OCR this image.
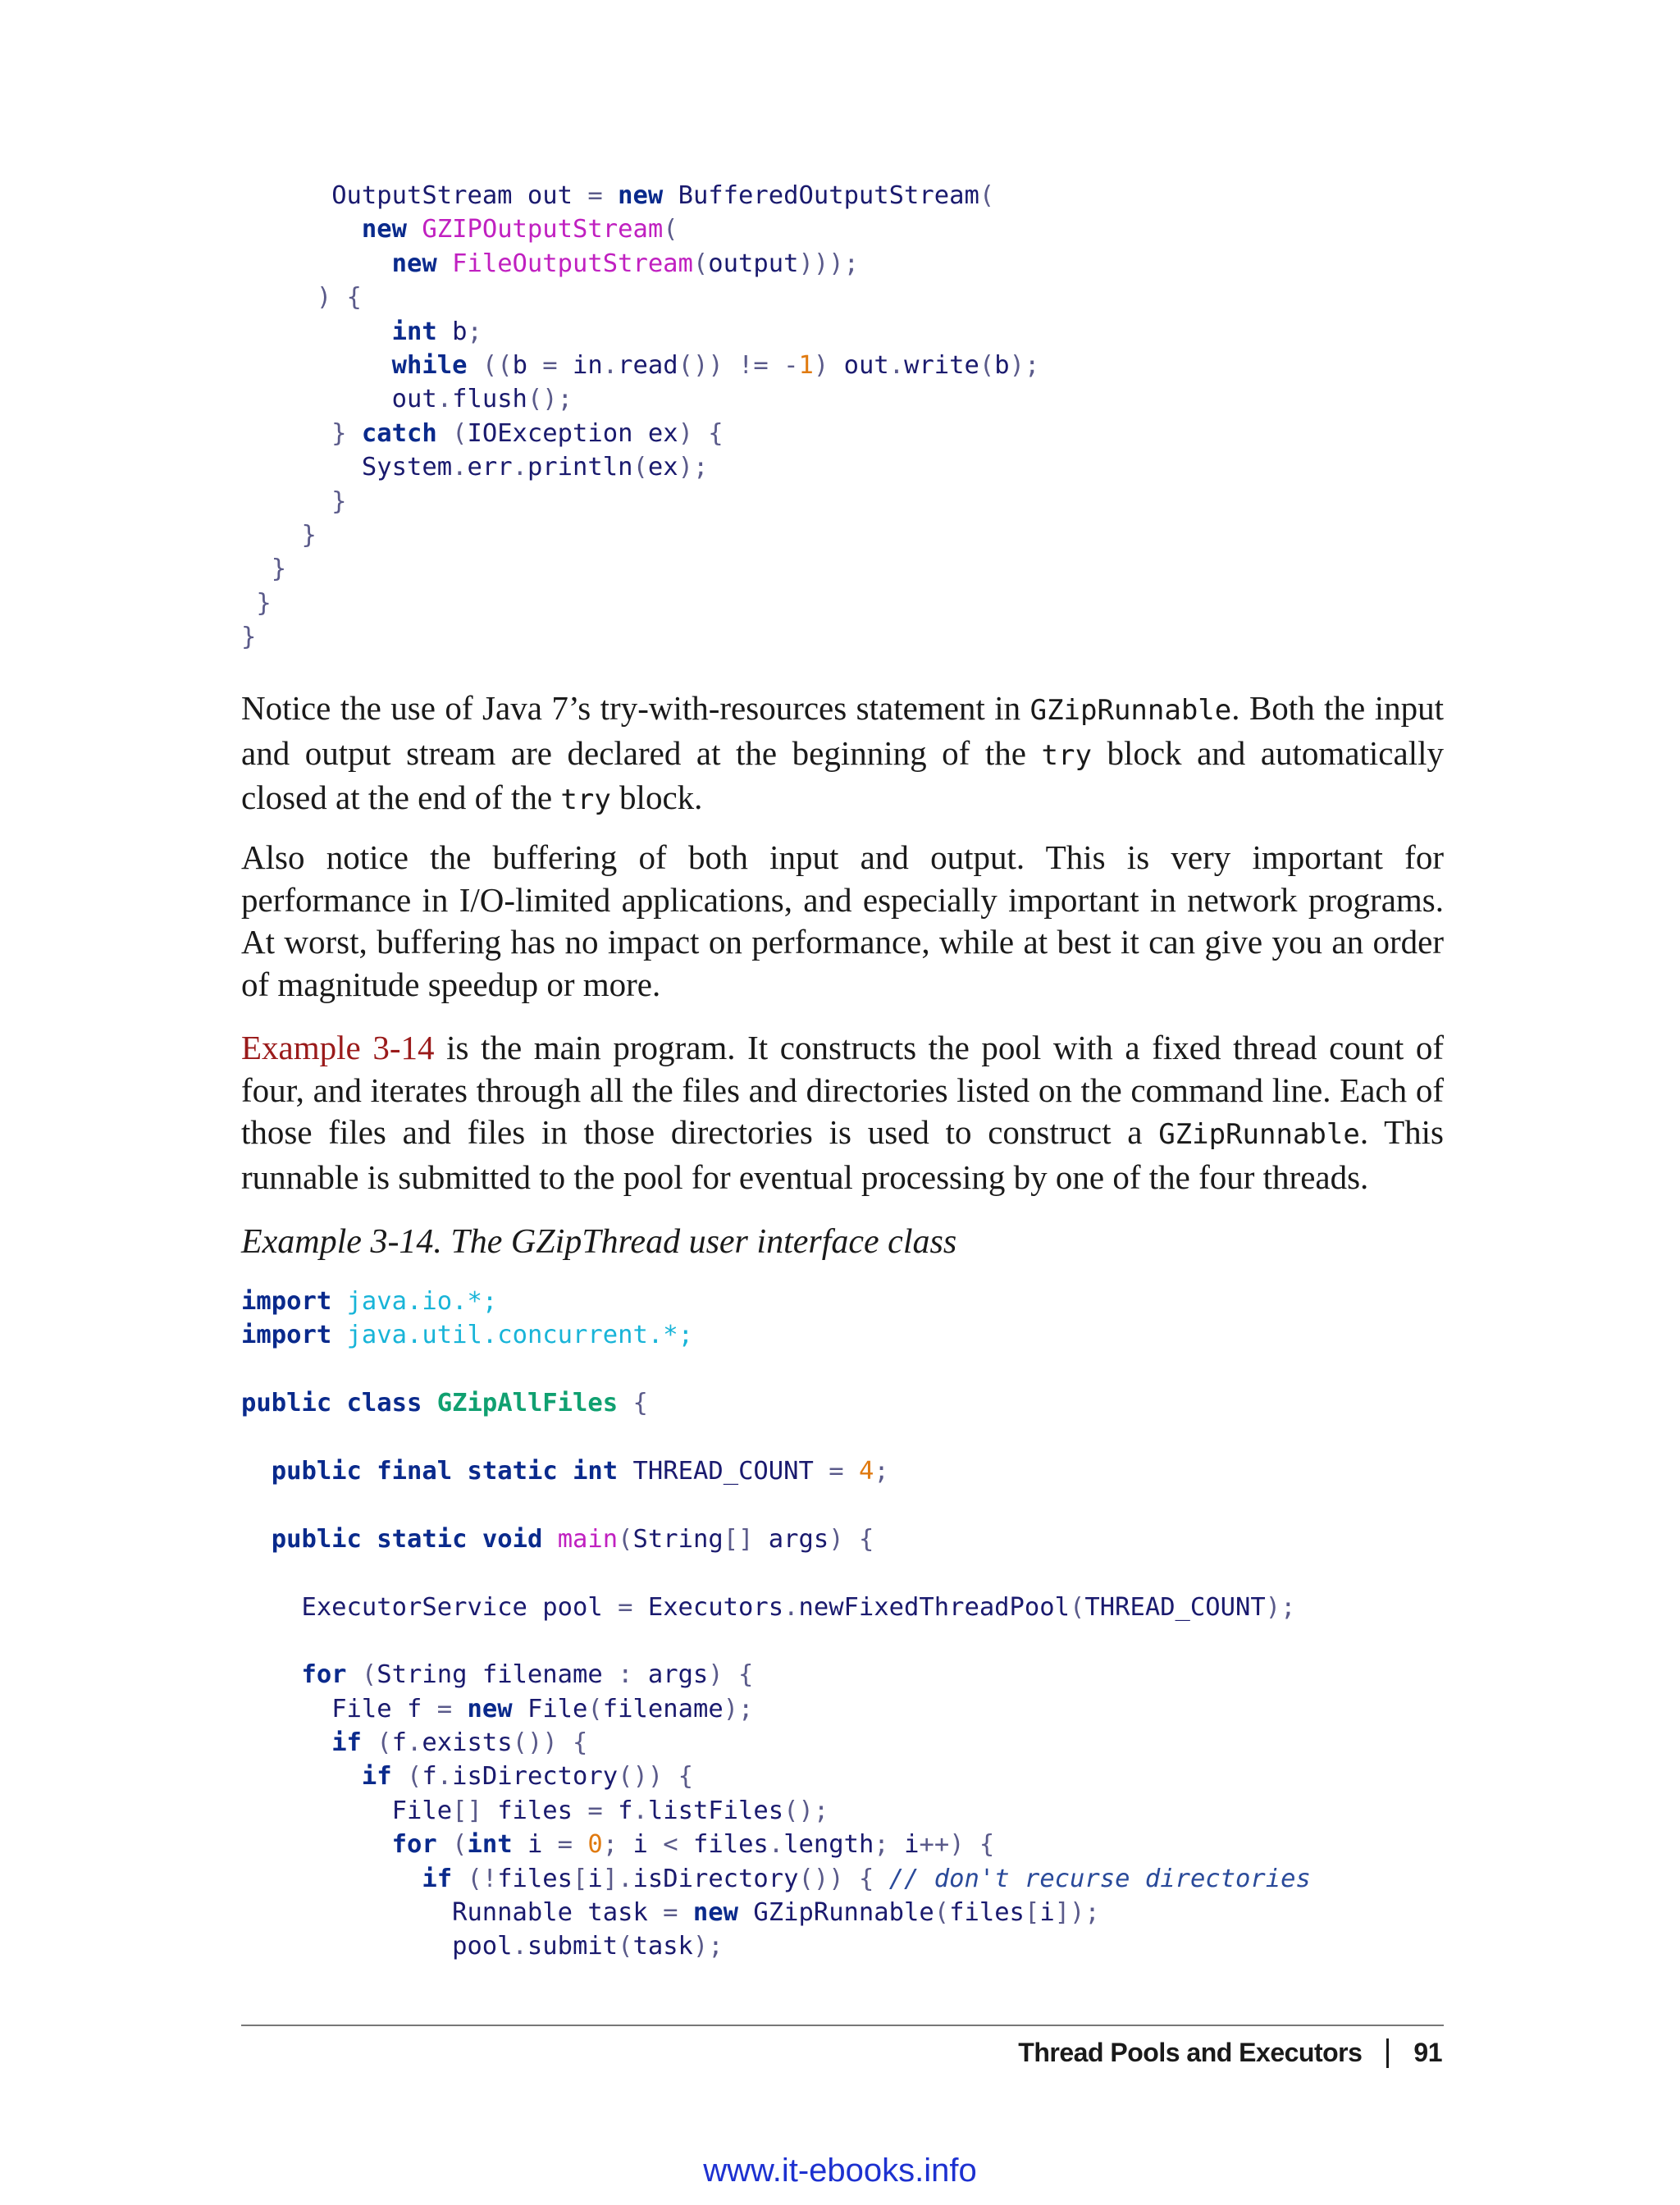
OutputStream out = new BufferedOutputStream(
new GZIPOutputStream(
new FileOutputStream(output)));
) {
int b;
while ((b = in.read()) != -1) out.write(b);
out.flush();
} catch (IOException ex) {
System.err.println(ex);
}
}
}
}
}

Notice the use of Java 7’s try-with-resources statement in GZipRunnable. Both the input and output stream are declared at the beginning of the try block and automatically closed at the end of the try block.

Also notice the buffering of both input and output. This is very important for performance in I/O-limited applications, and especially important in network programs. At worst, buffering has no impact on performance, while at best it can give you an order of magnitude speedup or more.

Example 3-14 is the main program. It constructs the pool with a fixed thread count of four, and iterates through all the files and directories listed on the command line. Each of those files and files in those directories is used to construct a GZipRunnable. This runnable is submitted to the pool for eventual processing by one of the four threads.

Example 3-14. The GZipThread user interface class

import java.io.*;
import java.util.concurrent.*;

public class GZipAllFiles {

public final static int THREAD_COUNT = 4;

public static void main(String[] args) {

ExecutorService pool = Executors.newFixedThreadPool(THREAD_COUNT);

for (String filename : args) {
File f = new File(filename);
if (f.exists()) {
if (f.isDirectory()) {
File[] files = f.listFiles();
for (int i = 0; i < files.length; i++) {
if (!files[i].isDirectory()) { // don't recurse directories
Runnable task = new GZipRunnable(files[i]);
pool.submit(task);
Thread Pools and Executors 91
www.it-ebooks.info
